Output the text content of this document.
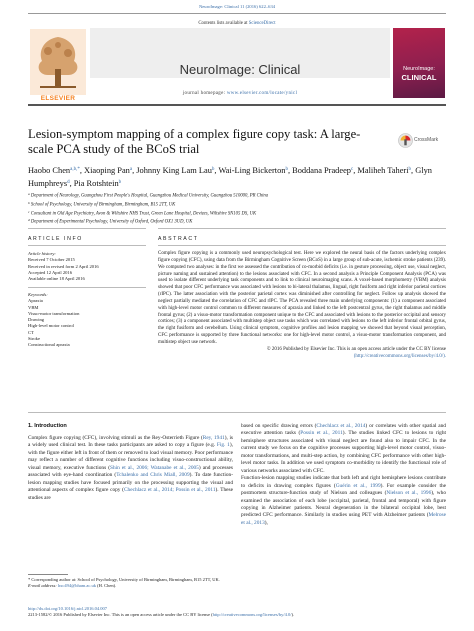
NeuroImage: Clinical 11 (2016) 622–634
Contents lists available at ScienceDirect
NeuroImage: Clinical
journal homepage: www.elsevier.com/locate/ynicl
ELSEVIER
NeuroImage:
CLINICAL
Lesion-symptom mapping of a complex figure copy task: A large-scale PCA study of the BCoS trial
CrossMark
Haobo Chen$^{a,b,*}$, Xiaoping Pan$^a$, Johnny King Lam Lau$^b$, Wai-Ling Bickerton$^b$, Boddana Pradeep$^c$, Maliheh Taheri$^b$, Glyn Humphreys$^d$, Pia Rotshtein$^b$
$^a$ Department of Neurology, Guangzhou First People's Hospital, Guangzhou Medical University, Guangzhou 510000, PR China
$^b$ School of Psychology, University of Birmingham, Birmingham, B15 2TT, UK
$^c$ Consultant in Old Age Psychiatry, Avon & Wiltshire NHS Trust, Green Lane Hospital, Devizes, Wiltshire SN105 DS, UK
$^d$ Department of Experimental Psychology, University of Oxford, Oxford OX1 3UD, UK
ARTICLE INFO	ABSTRACT
Article history:
Received 7 October 2015
Received in revised form 2 April 2016
Accepted 12 April 2016
Available online 18 April 2016
Keywords:
Apraxia
VBM
Visuo-motor transformation
Drawing
High-level motor control
CT
Stroke
Constructional apraxia
Complex figure copying is a commonly used neuropsychological test. Here we explored the neural basis of the factors underlying complex figure copying (CFC), using data from the Birmingham Cognitive Screen (BCoS) in a large group of sub-acute, ischemic stroke patients (239). We computed two analyses: in the first we assessed the contribution of co-morbid deficits (i.e. in gesture processing, object use, visual neglect, picture naming and sustained attention) to the lesions associated with CFC. In a second analysis a Principle Component Analysis (PCA) was used to isolate different underlying task components and to link to clinical neuroimaging scans. A voxel-based morphometry (VBM) analysis showed that poor CFC performance was associated with lesions to bi-lateral thalamus, lingual, right fusiform and right inferior parietal cortices (rIPC). The latter association with the posterior parietal cortex was diminished after controlling for neglect. Follow up analysis showed the neglect partially mediated the correlation of CFC and rIPC. The PCA revealed three main underlying components: (1) a component associated with high-level motor control common to different measures of apraxia and linked to the left postcentral gyrus, the right thalamus and middle frontal gyrus; (2) a visuo-motor transformation component unique to the CFC and associated with lesions to the posterior occipital and sensory cortices; (3) a component associated with multistep object use tasks which was correlated with lesions to the left inferior frontal orbital gyrus, the right fusiform and cerebellum. Using clinical symptom, cognitive profiles and lesion mapping we showed that beyond visual perception, CFC performance is supported by three functional networks: one for high-level motor control, a visuo-motor transformation component, and multistep object use network.
© 2016 Published by Elsevier Inc. This is an open access article under the CC BY license
(http://creativecommons.org/licenses/by/4.0/).
1. Introduction
Complex figure copying (CFC), involving stimuli as the Rey-Osterrieth Figure (Rey, 1941), is a widely used clinical test. In these tasks participants are asked to copy a figure (e.g. Fig. 1), with the figure either left in front of them or removed to load visual memory. Poor performance may reflect a number of different cognitive functions including visuo-constructional ability, visual memory, executive functions (Shin et al., 2006; Watanabe et al., 2005) and processes associated with eye-hand coordination (Tchalenko and Chris Miall, 2009). To date function-lesion mapping studies have focused primarily on the processing supporting the visual and attentional aspects of complex figure copy (Chechlacz et al., 2014; Possin et al., 2011). These studies are
based on specific drawing errors (Chechlacz et al., 2014) or correlates with other spatial and executive attention tasks (Possin et al., 2011). The studies linked CFC to lesions to right hemisphere structures associated with visual neglect are found also to impair CFC. In the current study we focus on the cognitive processes supporting high-level motor control, visuo-motor transformations, and multi-step action, by combining CFC performance with other high-level motor tasks. In addition we used symptom co-morbidity to identify the functional role of various networks associated with CFC.
Function-lesion mapping studies indicate that both left and right hemisphere lesions contribute to deficits in drawing complex figures (Guérin et al., 1999). For example consider the postmortem structure-function study of Nielson and colleagues (Nielson et al., 1996), who examined the association of each lobe (occipital, parietal, frontal and temporal) with figure copying in Alzheimer patients. Neural degeneration in the bilateral occipital lobe, best predicted CFC performance. Similarly in studies using PET with Alzheimer patients (Melrose et al., 2013),
* Corresponding author at: School of Psychology, University of Birmingham, Birmingham, B15 2TT, UK.
E-mail address: hxc494@bham.ac.uk (H. Chen).
http://dx.doi.org/10.1016/j.nicl.2016.04.007
2213-1582/© 2016 Published by Elsevier Inc. This is an open access article under the CC BY license (http://creativecommons.org/licenses/by/4.0/).
